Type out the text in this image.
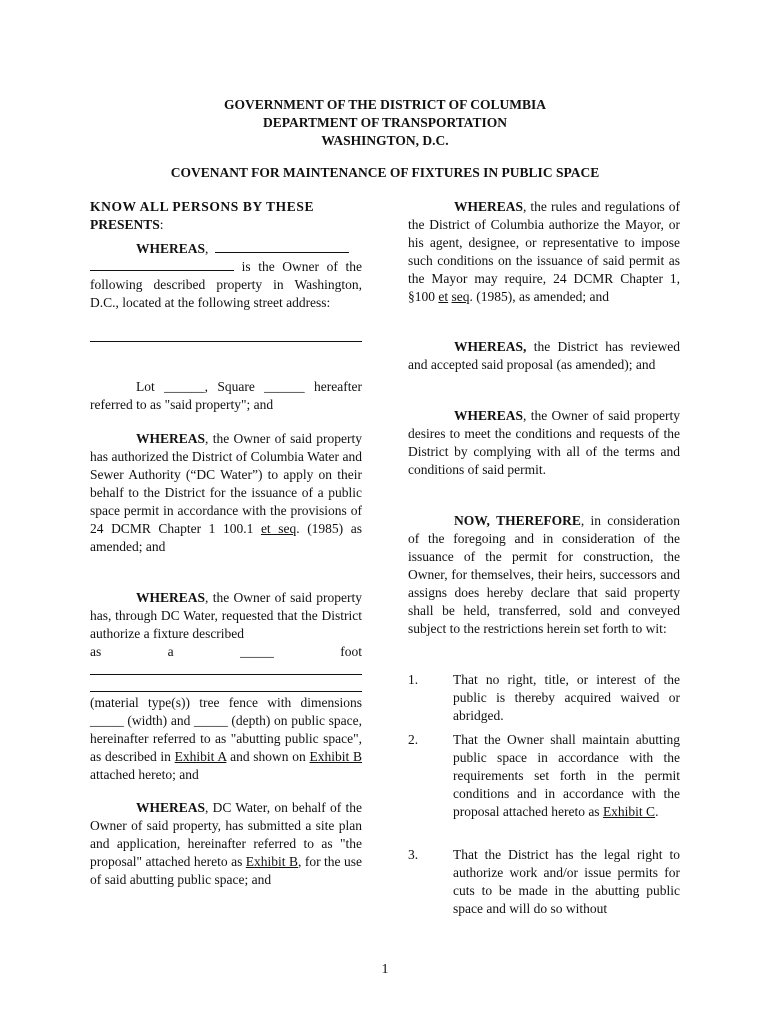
GOVERNMENT OF THE DISTRICT OF COLUMBIA
DEPARTMENT OF TRANSPORTATION
WASHINGTON, D.C.
COVENANT FOR MAINTENANCE OF FIXTURES IN PUBLIC SPACE
KNOW ALL PERSONS BY THESE
PRESENTS:
WHEREAS,
is the Owner of the following described property in Washington, D.C., located at the following street address:
Lot ______, Square ______ hereafter referred to as "said property"; and
WHEREAS, the Owner of said property has authorized the District of Columbia Water and Sewer Authority (“DC Water”) to apply on their behalf to the District for the issuance of a public space permit in accordance with the provisions of 24 DCMR Chapter 1 100.1 et seq. (1985) as amended; and
WHEREAS, the Owner of said property has, through DC Water, requested that the District authorize a fixture described
as	a	_____	foot
(material type(s)) tree fence with dimensions _____ (width) and _____ (depth) on public space, hereinafter referred to as "abutting public space", as described in Exhibit A and shown on Exhibit B attached hereto; and
WHEREAS, DC Water, on behalf of the Owner of said property, has submitted a site plan and application, hereinafter referred to as "the proposal" attached hereto as Exhibit B, for the use of said abutting public space; and
WHEREAS, the rules and regulations of the District of Columbia authorize the Mayor, or his agent, designee, or representative to impose such conditions on the issuance of said permit as the Mayor may require, 24 DCMR Chapter 1, §100 et seq. (1985), as amended; and
WHEREAS, the District has reviewed and accepted said proposal (as amended); and
WHEREAS, the Owner of said property desires to meet the conditions and requests of the District by complying with all of the terms and conditions of said permit.
NOW, THEREFORE, in consideration of the foregoing and in consideration of the issuance of the permit for construction, the Owner, for themselves, their heirs, successors and assigns does hereby declare that said property shall be held, transferred, sold and conveyed subject to the restrictions herein set forth to wit:
1.	That no right, title, or interest of the public is thereby acquired waived or abridged.
2.	That the Owner shall maintain abutting public space in accordance with the requirements set forth in the permit conditions and in accordance with the proposal attached hereto as Exhibit C.
3.	That the District has the legal right to authorize work and/or issue permits for cuts to be made in the abutting public space and will do so without
1
